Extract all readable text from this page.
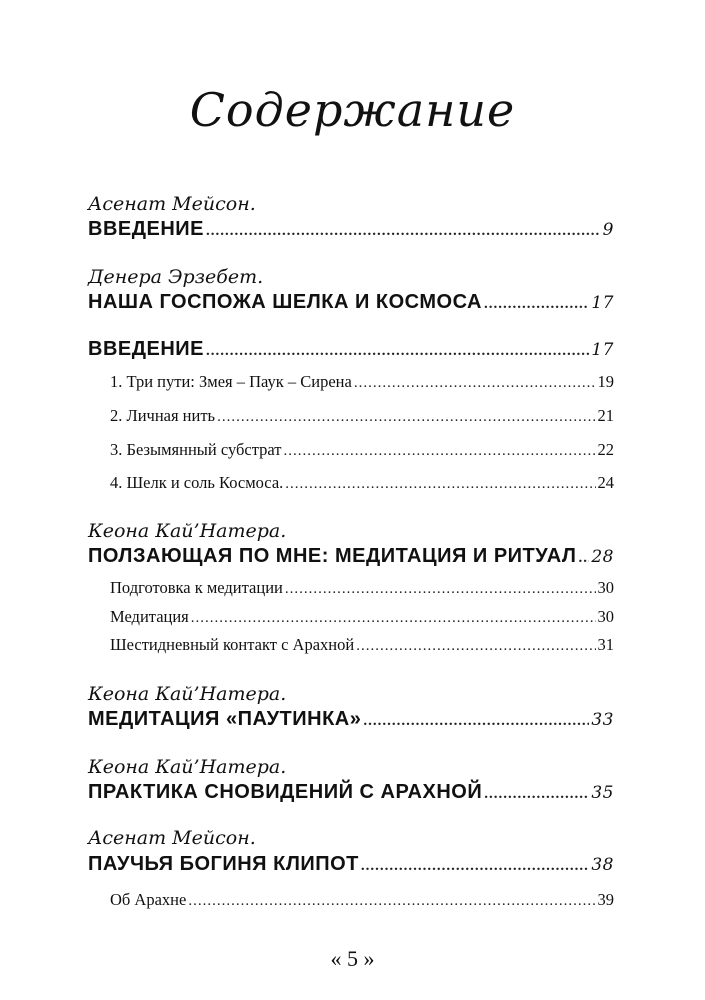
Содержание
Асенат Мейсон.
ВВЕДЕНИЕ .....	9
Денера Эрзебет.
НАША ГОСПОЖА ШЕЛКА И КОСМОСА .....	17
ВВЕДЕНИЕ .....	17
1. Три пути: Змея – Паук – Сирена .....	19
2. Личная нить .....	21
3. Безымянный субстрат .....	22
4. Шелк и соль Космоса. .....	24
Кеона Кай’Натера.
ПОЛЗАЮЩАЯ ПО МНЕ: МЕДИТАЦИЯ И РИТУАЛ ..... 28
Подготовка к медитации .....	30
Медитация .....	30
Шестидневный контакт с Арахной .....	31
Кеона Кай’Натера.
МЕДИТАЦИЯ «ПАУТИНКА» .....	33
Кеона Кай’Натера.
ПРАКТИКА СНОВИДЕНИЙ С АРАХНОЙ .....	35
Асенат Мейсон.
ПАУЧЬЯ БОГИНЯ КЛИПОТ .....	38
Об Арахне .....	39
« 5 »
